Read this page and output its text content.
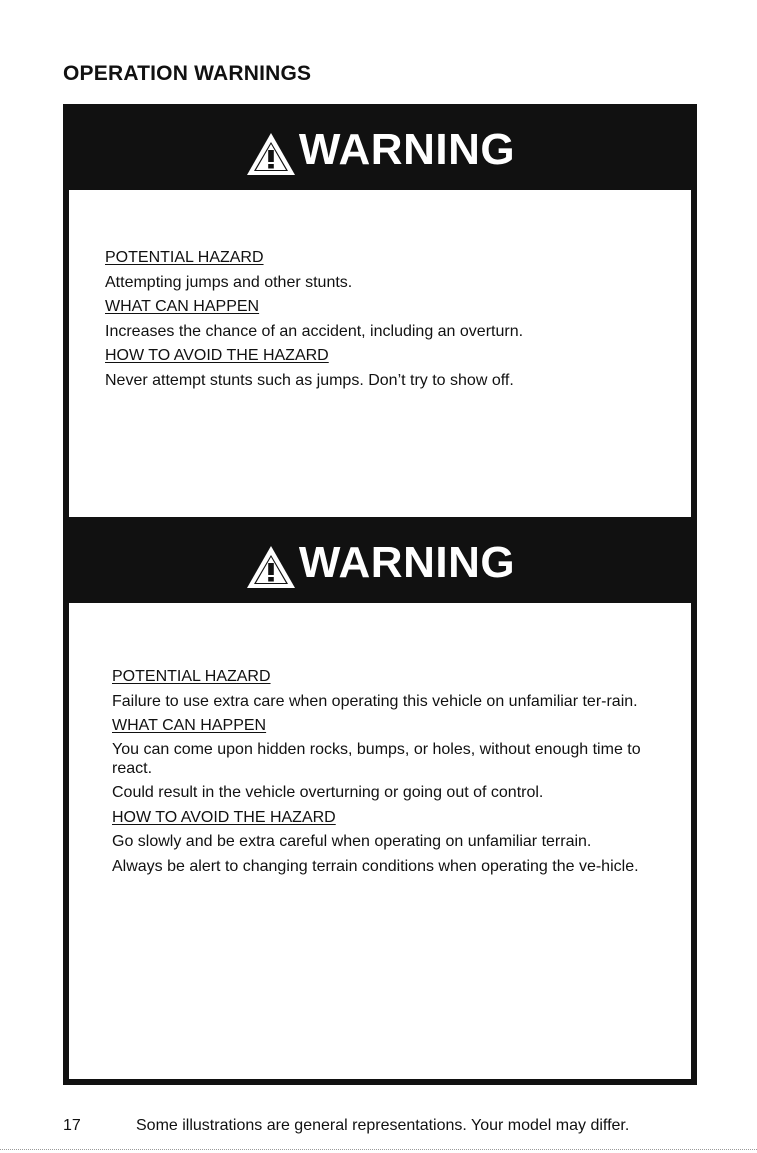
OPERATION WARNINGS
WARNING
POTENTIAL HAZARD
Attempting jumps and other stunts.
WHAT CAN HAPPEN
Increases the chance of an accident, including an overturn.
HOW TO AVOID THE HAZARD
Never attempt stunts such as jumps. Don’t try to show off.
WARNING
POTENTIAL HAZARD
Failure to use extra care when operating this vehicle on unfamiliar ter-rain.
WHAT CAN HAPPEN
You can come upon hidden rocks, bumps, or holes, without enough time to react.
Could result in the vehicle overturning or going out of control.
HOW TO AVOID THE HAZARD
Go slowly and be extra careful when operating on unfamiliar terrain.
Always be alert to changing terrain conditions when operating the ve-hicle.
17	Some illustrations are general representations. Your model may differ.
